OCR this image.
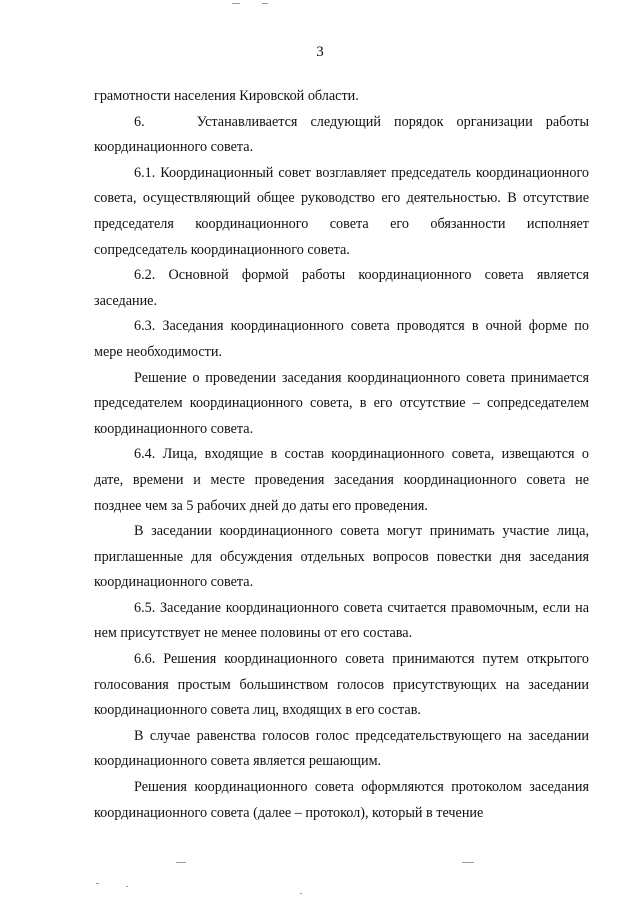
3

грамотности населения Кировской области.

6.    Устанавливается следующий порядок организации работы координационного совета.

6.1. Координационный совет возглавляет председатель координационного совета, осуществляющий общее руководство его деятельностью. В отсутствие председателя координационного совета его обязанности исполняет сопредседатель координационного совета.

6.2. Основной формой работы координационного совета является заседание.

6.3. Заседания координационного совета проводятся в очной форме по мере необходимости.

Решение о проведении заседания координационного совета принимается председателем координационного совета, в его отсутствие – сопредседателем координационного совета.

6.4. Лица, входящие в состав координационного совета, извещаются о дате, времени и месте проведения заседания координационного совета не позднее чем за 5 рабочих дней до даты его проведения.

В заседании координационного совета могут принимать участие лица, приглашенные для обсуждения отдельных вопросов повестки дня заседания координационного совета.

6.5. Заседание координационного совета считается правомочным, если на нем присутствует не менее половины от его состава.

6.6. Решения координационного совета принимаются путем открытого голосования простым большинством голосов присутствующих на заседании координационного совета лиц, входящих в его состав.

В случае равенства голосов голос председательствующего на заседании координационного совета является решающим.

Решения координационного совета оформляются протоколом заседания координационного совета (далее – протокол), который в течение
